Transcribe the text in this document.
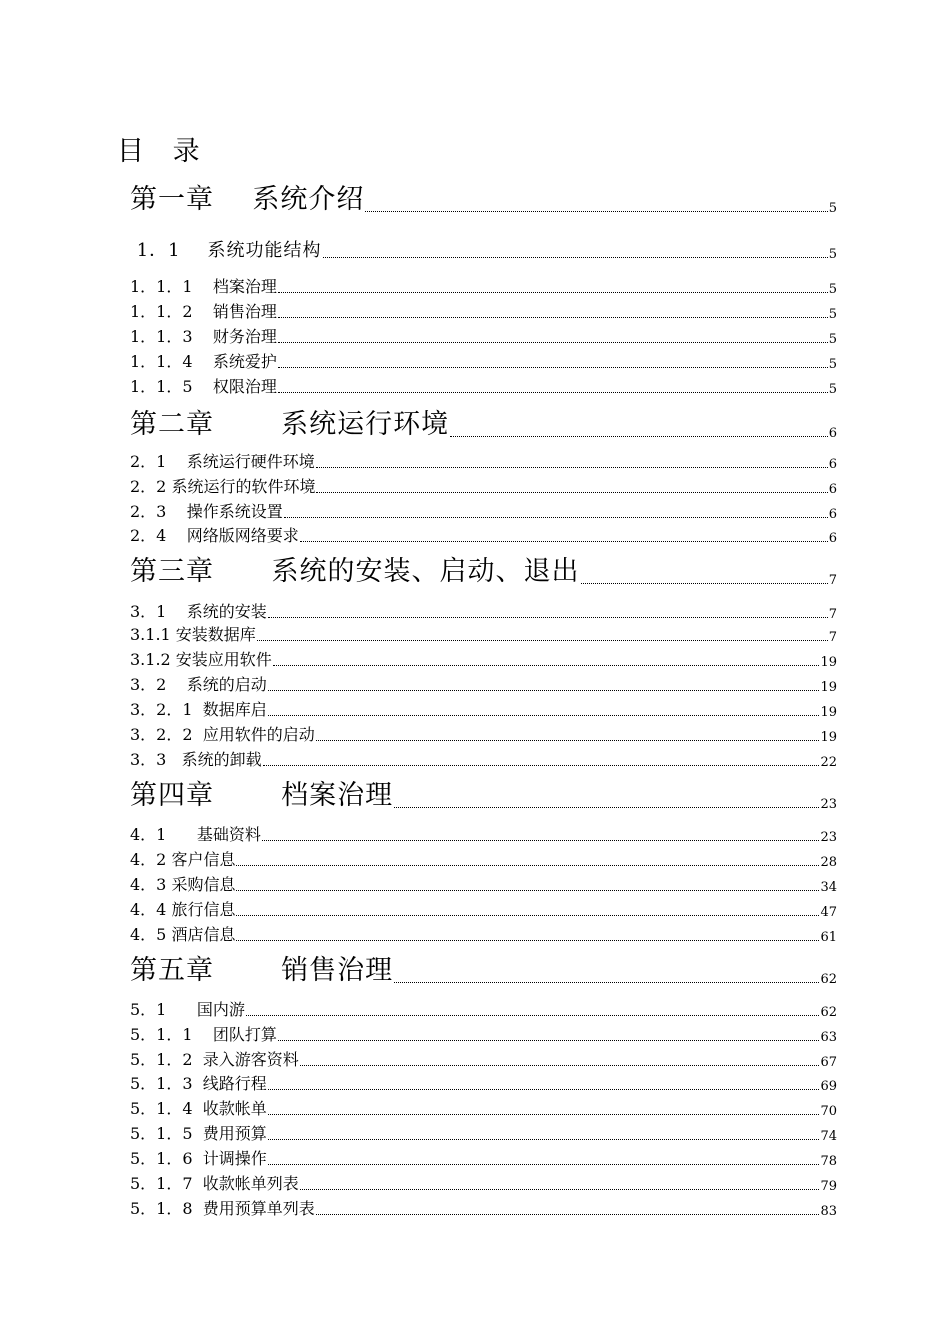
目 录
第一章    系统介绍	5
1．1    系统功能结构	5
1．1．1    档案治理	5
1．1．2    销售治理	5
1．1．3    财务治理	5
1．1．4    系统爱护	5
1．1．5    权限治理	5
第二章       系统运行环境	6
2．1    系统运行硬件环境	6
2．2 系统运行的软件环境	6
2．3    操作系统设置	6
2．4    网络版网络要求	6
第三章      系统的安装、启动、退出	7
3．1    系统的安装	7
3.1.1 安装数据库	7
3.1.2 安装应用软件	19
3．2    系统的启动	19
3．2．1  数据库启	19
3．2．2  应用软件的启动	19
3．3   系统的卸载	22
第四章       档案治理	23
4．1      基础资料	23
4．2 客户信息	28
4．3 采购信息	34
4．4 旅行信息	47
4．5 酒店信息	61
第五章       销售治理	62
5．1      国内游	62
5．1．1    团队打算	63
5．1．2  录入游客资料	67
5．1．3  线路行程	69
5．1．4  收款帐单	70
5．1．5  费用预算	74
5．1．6  计调操作	78
5．1．7  收款帐单列表	79
5．1．8  费用预算单列表	83
